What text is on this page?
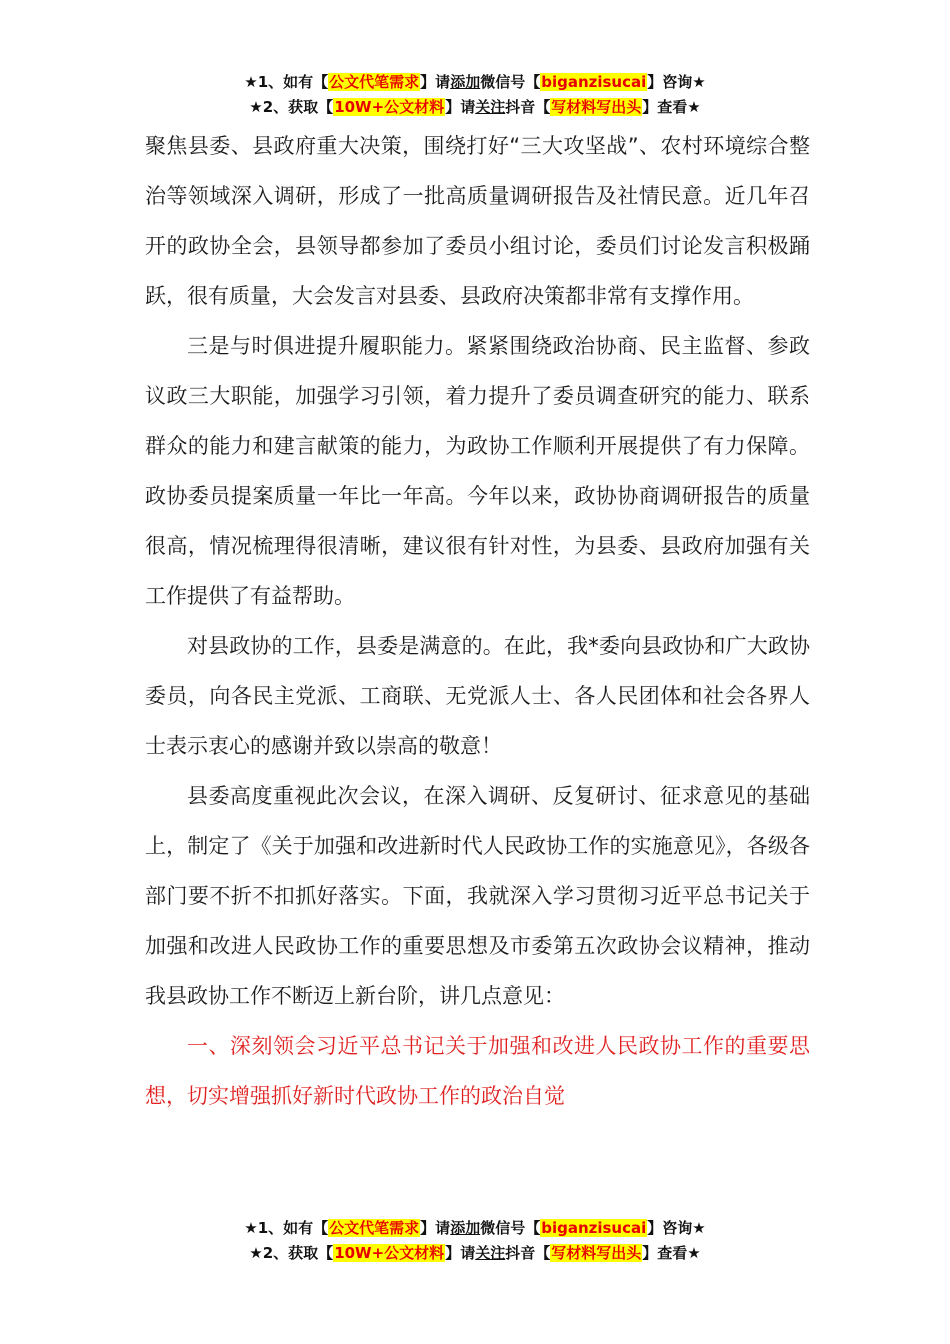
★1、如有【公文代笔需求】请添加微信号【biganzisucai】咨询★
★2、获取【10W+公文材料】请关注抖音【写材料写出头】查看★

聚焦县委、县政府重大决策，围绕打好“三大攻坚战”、农村环境综合整治等领域深入调研，形成了一批高质量调研报告及社情民意。近几年召开的政协全会，县领导都参加了委员小组讨论，委员们讨论发言积极踊跃，很有质量，大会发言对县委、县政府决策都非常有支撑作用。

三是与时俱进提升履职能力。紧紧围绕政治协商、民主监督、参政议政三大职能，加强学习引领，着力提升了委员调查研究的能力、联系群众的能力和建言献策的能力，为政协工作顺利开展提供了有力保障。政协委员提案质量一年比一年高。今年以来，政协协商调研报告的质量很高，情况梳理得很清晰，建议很有针对性，为县委、县政府加强有关工作提供了有益帮助。

对县政协的工作，县委是满意的。在此，我*委向县政协和广大政协委员，向各民主党派、工商联、无党派人士、各人民团体和社会各界人士表示衷心的感谢并致以崇高的敬意！

县委高度重视此次会议，在深入调研、反复研讨、征求意见的基础上，制定了《关于加强和改进新时代人民政协工作的实施意见》，各级各部门要不折不扣抓好落实。下面，我就深入学习贯彻习近平总书记关于加强和改进人民政协工作的重要思想及市委第五次政协会议精神，推动我县政协工作不断迈上新台阶，讲几点意见：

一、深刻领会习近平总书记关于加强和改进人民政协工作的重要思想，切实增强抓好新时代政协工作的政治自觉

★1、如有【公文代笔需求】请添加微信号【biganzisucai】咨询★
★2、获取【10W+公文材料】请关注抖音【写材料写出头】查看★
